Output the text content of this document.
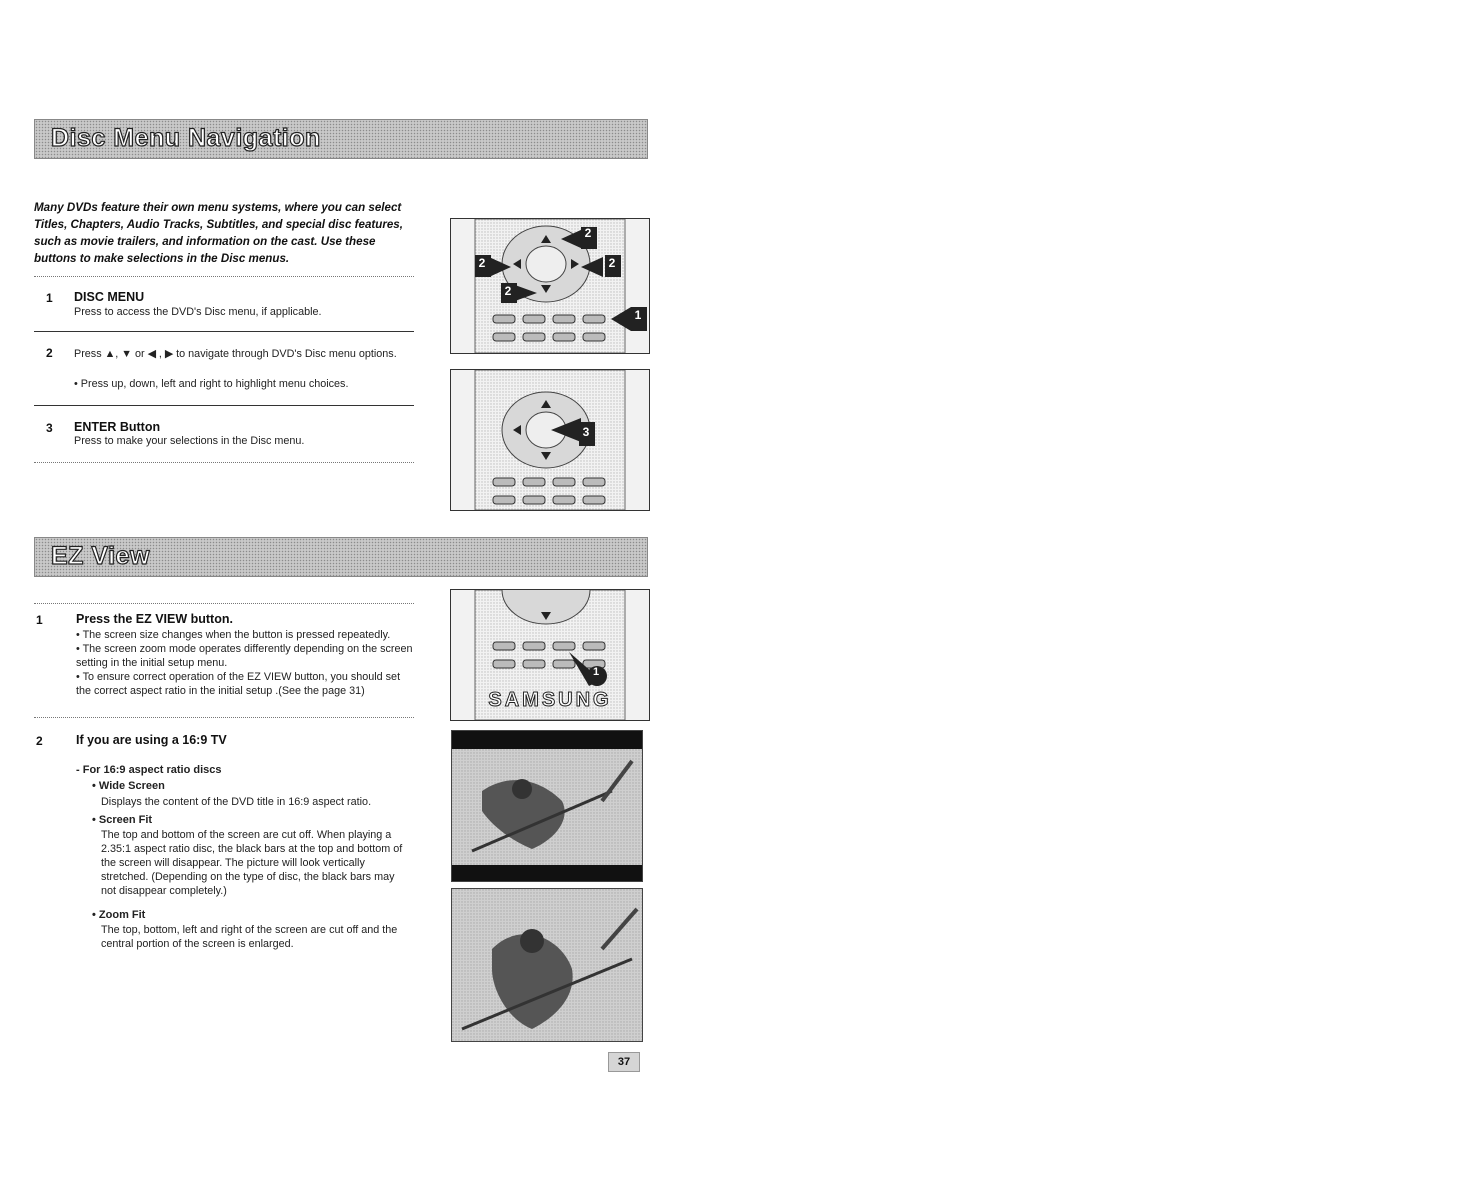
Disc Menu Navigation
Many DVDs feature their own menu systems, where you can select Titles, Chapters, Audio Tracks, Subtitles, and special disc features, such as movie trailers, and information on the cast. Use these buttons to make selections in the Disc menus.
1 DISC MENU
Press to access the DVD's Disc menu, if applicable.
2 Press ▲, ▼ or ◀ , ▶ to navigate through DVD's Disc menu options.
• Press up, down, left and right to highlight menu choices.
3 ENTER Button
Press to make your selections in the Disc menu.
2
2	2
2
1
3
EZ View
1	Press the EZ VIEW button.

• The screen size changes when the button is pressed repeatedly.

• The screen zoom mode operates differently depending on the screen setting in the initial setup menu.

• To ensure correct operation of the EZ VIEW button, you should set the correct aspect ratio in the initial setup .(See the page 31)

2	If you are using a 16:9 TV
- For 16:9 aspect ratio discs
• Wide Screen
Displays the content of the DVD title in 16:9 aspect ratio.
• Screen Fit
The top and bottom of the screen are cut off. When playing a 2.35:1 aspect ratio disc, the black bars at the top and bottom of the screen will disappear. The picture will look vertically stretched. (Depending on the type of disc, the black bars may not disappear completely.)
• Zoom Fit
The top, bottom, left and right of the screen are cut off and the central portion of the screen is enlarged.
1
SAMSUNG
37
